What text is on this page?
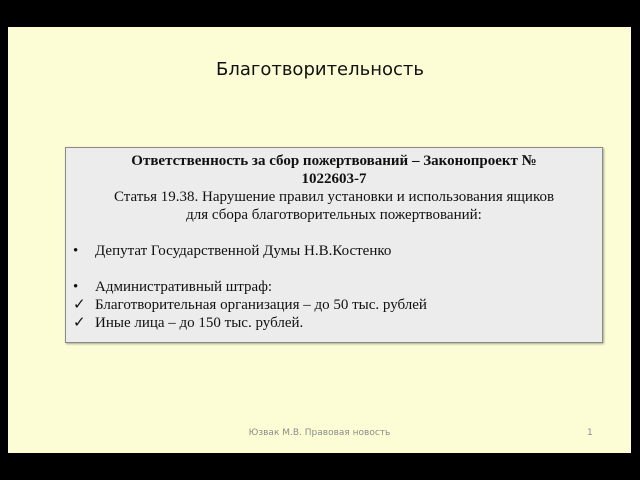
Благотворительность
Ответственность за сбор пожертвований – Законопроект №
1022603-7
Статья 19.38. Нарушение правил установки и использования ящиков
для сбора благотворительных пожертвований:
• Депутат Государственной Думы Н.В.Костенко
• Административный штраф:
✓ Благотворительная организация – до 50 тыс. рублей
✓ Иные лица – до 150 тыс. рублей.
Юзвак М.В. Правовая новость	1
